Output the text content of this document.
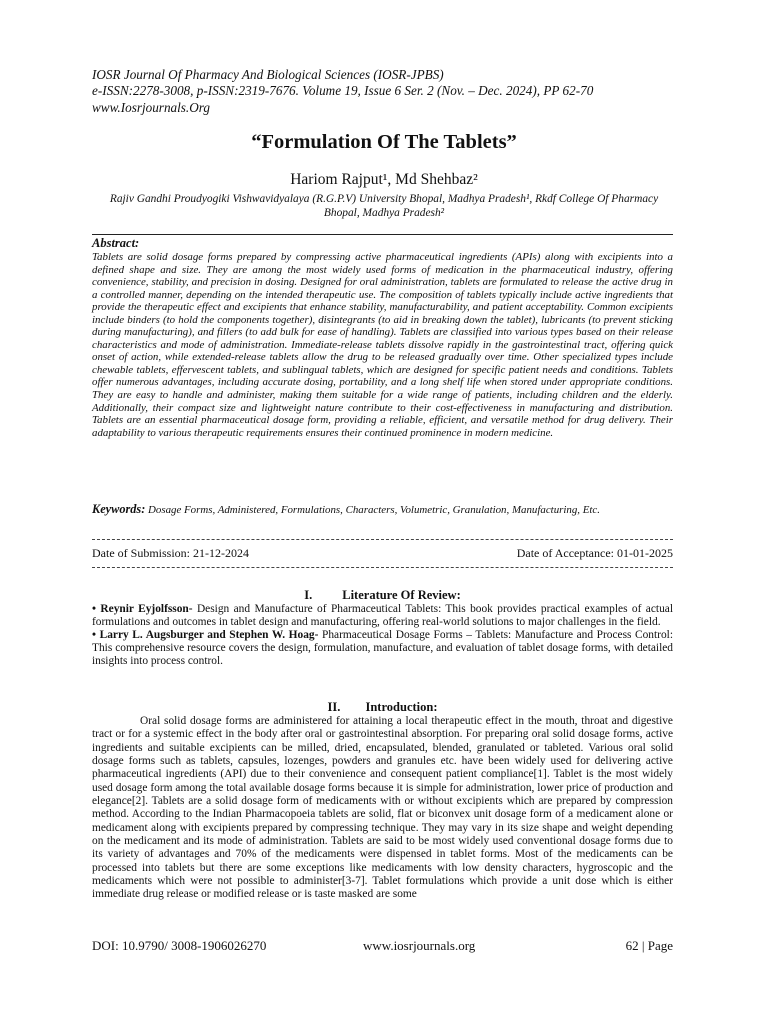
IOSR Journal Of Pharmacy And Biological Sciences (IOSR-JPBS)
e-ISSN:2278-3008, p-ISSN:2319-7676. Volume 19, Issue 6 Ser. 2 (Nov. – Dec. 2024), PP 62-70
www.Iosrjournals.Org
“Formulation Of The Tablets”
Hariom Rajput¹, Md Shehbaz²
Rajiv Gandhi Proudyogiki Vishwavidyalaya (R.G.P.V) University Bhopal, Madhya Pradesh¹, Rkdf College Of Pharmacy Bhopal, Madhya Pradesh²
Abstract:
Tablets are solid dosage forms prepared by compressing active pharmaceutical ingredients (APIs) along with excipients into a defined shape and size. They are among the most widely used forms of medication in the pharmaceutical industry, offering convenience, stability, and precision in dosing. Designed for oral administration, tablets are formulated to release the active drug in a controlled manner, depending on the intended therapeutic use. The composition of tablets typically include active ingredients that provide the therapeutic effect and excipients that enhance stability, manufacturability, and patient acceptability. Common excipients include binders (to hold the components together), disintegrants (to aid in breaking down the tablet), lubricants (to prevent sticking during manufacturing), and fillers (to add bulk for ease of handling). Tablets are classified into various types based on their release characteristics and mode of administration. Immediate-release tablets dissolve rapidly in the gastrointestinal tract, offering quick onset of action, while extended-release tablets allow the drug to be released gradually over time. Other specialized types include chewable tablets, effervescent tablets, and sublingual tablets, which are designed for specific patient needs and conditions. Tablets offer numerous advantages, including accurate dosing, portability, and a long shelf life when stored under appropriate conditions. They are easy to handle and administer, making them suitable for a wide range of patients, including children and the elderly. Additionally, their compact size and lightweight nature contribute to their cost-effectiveness in manufacturing and distribution. Tablets are an essential pharmaceutical dosage form, providing a reliable, efficient, and versatile method for drug delivery. Their adaptability to various therapeutic requirements ensures their continued prominence in modern medicine.
Keywords: Dosage Forms, Administered, Formulations, Characters, Volumetric, Granulation, Manufacturing, Etc.
Date of Submission: 21-12-2024	Date of Acceptance: 01-01-2025
I. Literature Of Review:

• Reynir Eyjolfsson- Design and Manufacture of Pharmaceutical Tablets: This book provides practical examples of actual formulations and outcomes in tablet design and manufacturing, offering real-world solutions to major challenges in the field.

• Larry L. Augsburger and Stephen W. Hoag- Pharmaceutical Dosage Forms – Tablets: Manufacture and Process Control: This comprehensive resource covers the design, formulation, manufacture, and evaluation of tablet dosage forms, with detailed insights into process control.

II. Introduction:

Oral solid dosage forms are administered for attaining a local therapeutic effect in the mouth, throat and digestive tract or for a systemic effect in the body after oral or gastrointestinal absorption. For preparing oral solid dosage forms, active ingredients and suitable excipients can be milled, dried, encapsulated, blended, granulated or tableted. Various oral solid dosage forms such as tablets, capsules, lozenges, powders and granules etc. have been widely used for delivering active pharmaceutical ingredients (API) due to their convenience and consequent patient compliance[1]. Tablet is the most widely used dosage form among the total available dosage forms because it is simple for administration, lower price of production and elegance[2]. Tablets are a solid dosage form of medicaments with or without excipients which are prepared by compression method. According to the Indian Pharmacopoeia tablets are solid, flat or biconvex unit dosage form of a medicament alone or medicament along with excipients prepared by compressing technique. They may vary in its size shape and weight depending on the medicament and its mode of administration. Tablets are said to be most widely used conventional dosage forms due to its variety of advantages and 70% of the medicaments were dispensed in tablet forms. Most of the medicaments can be processed into tablets but there are some exceptions like medicaments with low density characters, hygroscopic and the medicaments which were not possible to administer[3-7]. Tablet formulations which provide a unit dose which is either immediate drug release or modified release or is taste masked are some

DOI: 10.9790/ 3008-1906026270	www.iosrjournals.org	62 | Page
